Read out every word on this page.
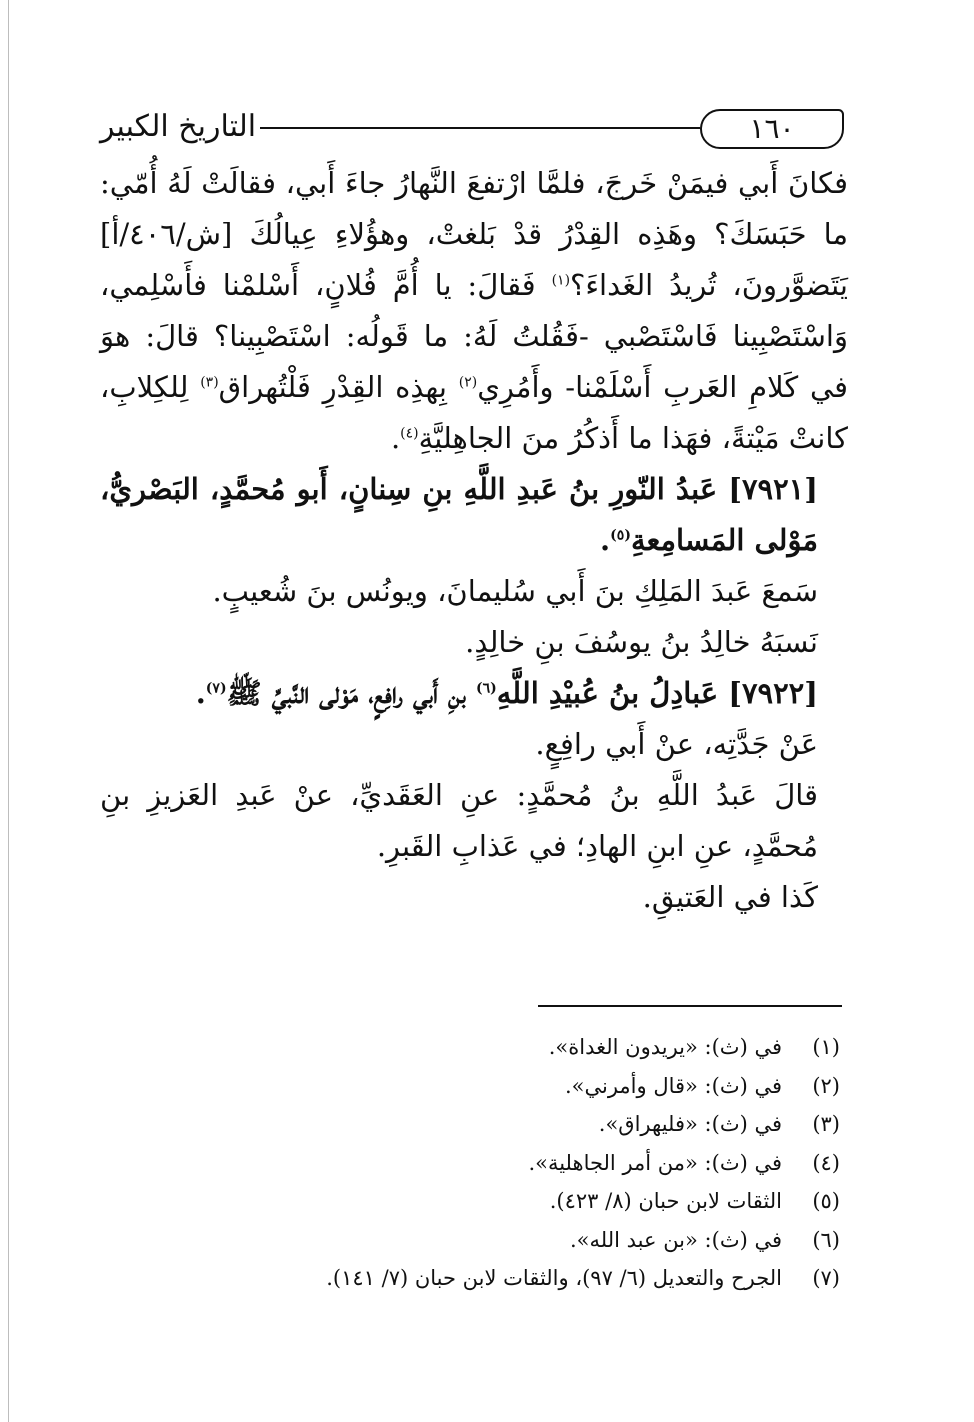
التاريخ الكبير	١٦٠

فكانَ أَبي فيمَنْ خَرجَ، فلمَّا ارْتفعَ النَّهارُ جاءَ أَبي، فقالَتْ لَهُ أُمّي: ما حَبَسَكَ؟ وهَذِه القِدْرُ قدْ بَلغتْ، وهؤُلاءِ عِيالُكَ [ش/٤٠٦/أ] يَتَضوَّرونَ، تُريدُ الغَداءَ؟$^{(١)}$ فَقالَ: يا أُمَّ فُلانٍ، أَسْلمْنا فأَسْلِمي، وَاسْتَصْبِينا فَاسْتَصْبي -فَقُلتُ لَهُ: ما قَولُه: اسْتَصْبِينا؟ قالَ: هوَ في كَلامِ العَربِ أَسْلَمْنا- وأَمُرِي$^{(٢)}$ بِهذِه القِدْرِ فَلْتُهراق$^{(٣)}$ لِلكِلابِ، كانتْ مَيْتةً، فهَذا ما أَذكُرُ منَ الجاهِليَّةِ$^{(٤)}$.

[٧٩٢١] عَبدُ النّورِ بنُ عَبدِ اللَّهِ بنِ سِنانٍ، أَبو مُحمَّدٍ، البَصْريُّ، مَوْلى المَسامِعةِ$^{(٥)}$.

سَمعَ عَبدَ المَلِكِ بنَ أَبي سُليمانَ، ويونُس بنَ شُعيبٍ.

نَسبَهُ خالِدُ بنُ يوسُفَ بنِ خالِدٍ.

[٧٩٢٢] عَبادِلُ بنُ عُبيْدِ اللَّهِ$^{(٦)}$ بنِ أَبي رافِعٍ، مَوْلى النَّبيِّ ﷺ$^{(٧)}$.

عَنْ جَدَّتِه، عنْ أَبي رافِعٍ.

قالَ عَبدُ اللَّهِ بنُ مُحمَّدٍ: عنِ العَقَديِّ، عنْ عَبدِ العَزيزِ بنِ مُحمَّدٍ، عنِ ابنِ الهادِ؛ في عَذابِ القَبرِ.

كَذا في العَتيقِ.

(١)في (ث): «يريدون الغداة».
(٢)في (ث): «قال وأمرني».
(٣)في (ث): «فليهراق».
(٤)في (ث): «من أمر الجاهلية».
(٥)الثقات لابن حبان (٨/ ٤٢٣).
(٦)في (ث): «بن عبد الله».
(٧)الجرح والتعديل (٦/ ٩٧)، والثقات لابن حبان (٧/ ١٤١).
